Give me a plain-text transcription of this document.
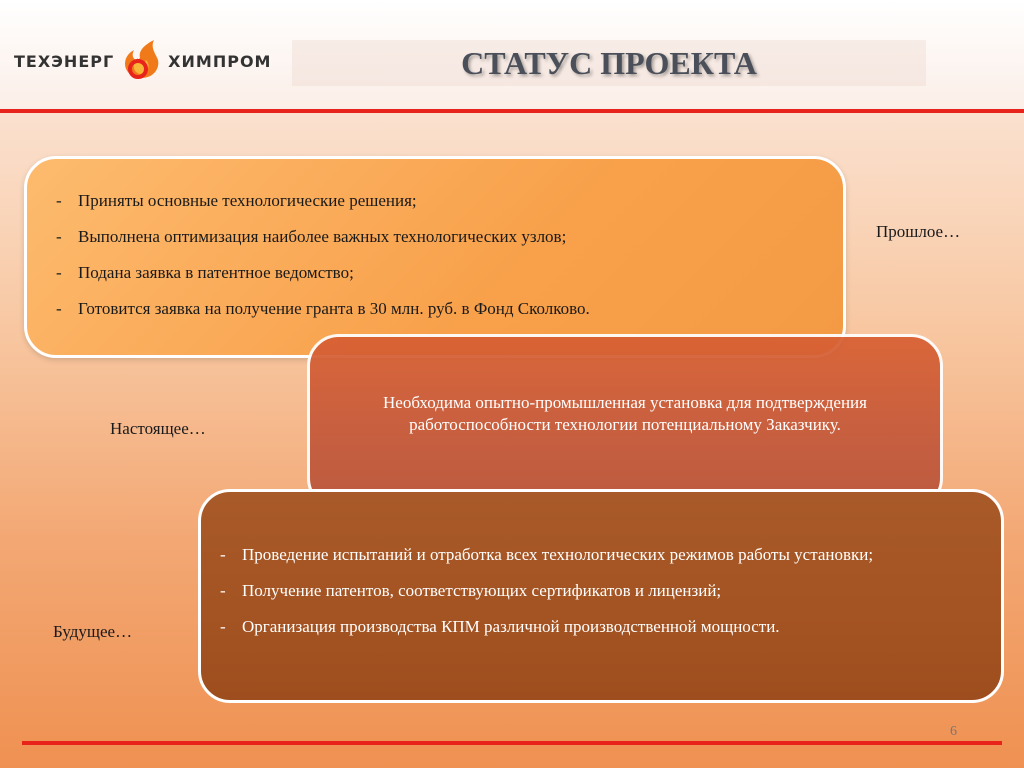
ТЕХЭНЕРГ	ХИМПРОМ	СТАТУС ПРОЕКТА
- Приняты основные технологические решения;
- Выполнена оптимизация наиболее важных технологических узлов;
- Подана заявка в патентное ведомство;
- Готовится заявка на получение гранта в 30 млн. руб. в Фонд Сколково.
Необходима опытно-промышленная установка для подтверждения работоспособности технологии потенциальному Заказчику.
- Проведение испытаний и отработка всех технологических режимов работы установки;
- Получение патентов, соответствующих сертификатов и лицензий;
- Организация производства КПМ различной производственной мощности.
Прошлое…
Настоящее…
Будущее…
6
